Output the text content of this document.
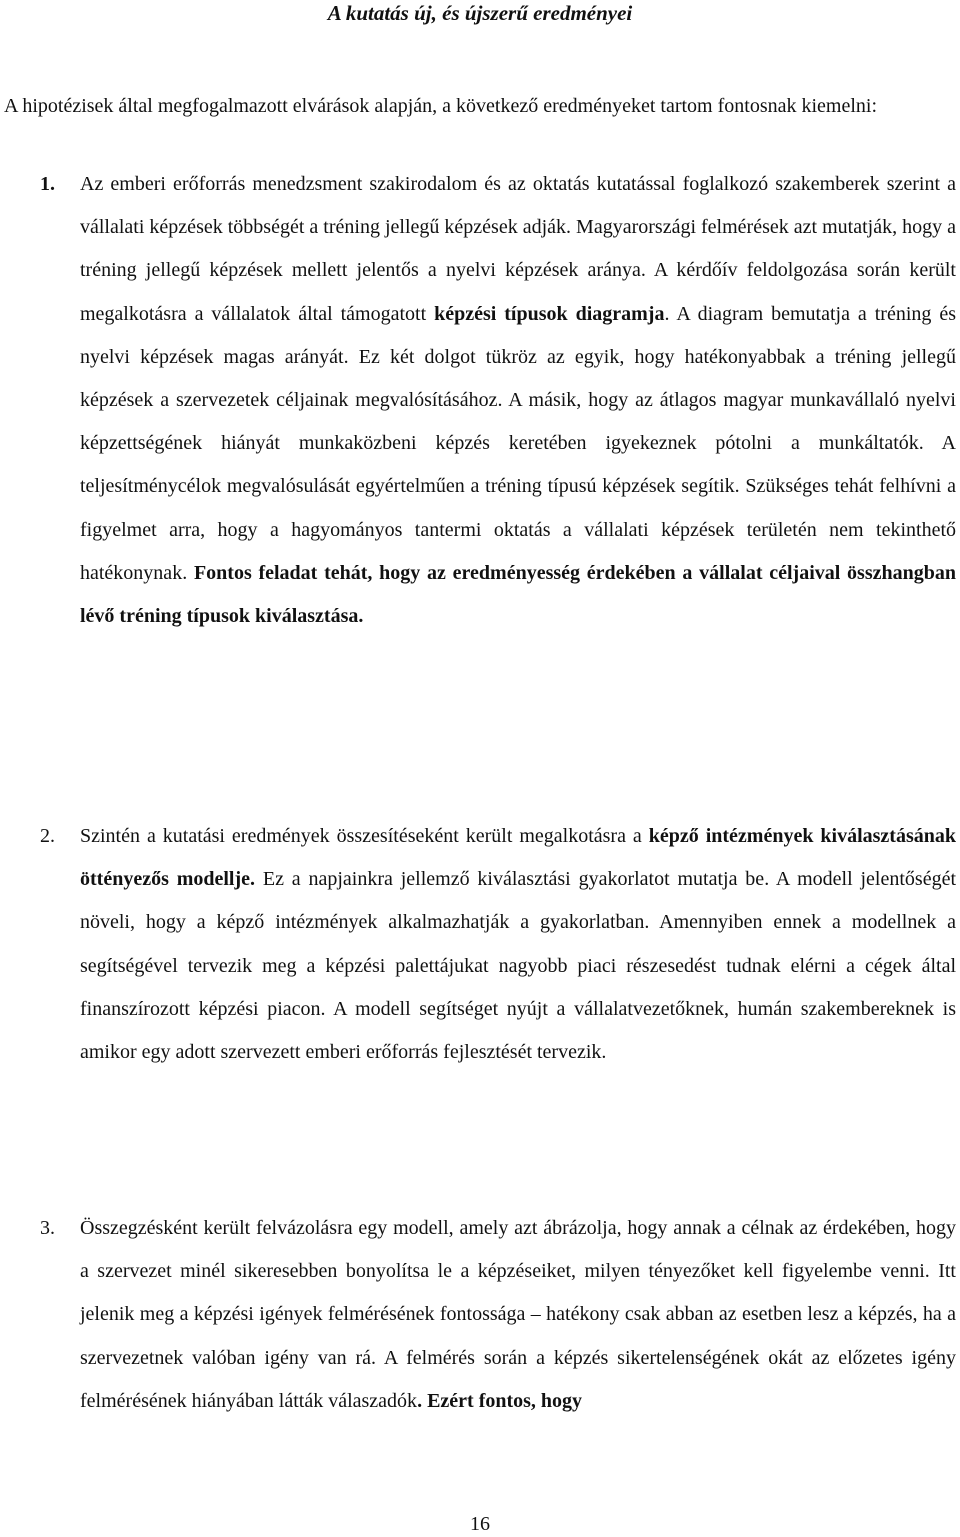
A kutatás új, és újszerű eredményei
A hipotézisek által megfogalmazott elvárások alapján, a következő eredményeket tartom fontosnak kiemelni:
1. Az emberi erőforrás menedzsment szakirodalom és az oktatás kutatással foglalkozó szakemberek szerint a vállalati képzések többségét a tréning jellegű képzések adják. Magyarországi felmérések azt mutatják, hogy a tréning jellegű képzések mellett jelentős a nyelvi képzések aránya. A kérdőív feldolgozása során került megalkotásra a vállalatok által támogatott képzési típusok diagramja. A diagram bemutatja a tréning és nyelvi képzések magas arányát. Ez két dolgot tükröz az egyik, hogy hatékonyabbak a tréning jellegű képzések a szervezetek céljainak megvalósításához. A másik, hogy az átlagos magyar munkavállaló nyelvi képzettségének hiányát munkaközbeni képzés keretében igyekeznek pótolni a munkáltatók. A teljesítménycélok megvalósulását egyértelműen a tréning típusú képzések segítik. Szükséges tehát felhívni a figyelmet arra, hogy a hagyományos tantermi oktatás a vállalati képzések területén nem tekinthető hatékonynak. Fontos feladat tehát, hogy az eredményesség érdekében a vállalat céljaival összhangban lévő tréning típusok kiválasztása.
2. Szintén a kutatási eredmények összesítéseként került megalkotásra a képző intézmények kiválasztásának öttényezős modellje. Ez a napjainkra jellemző kiválasztási gyakorlatot mutatja be. A modell jelentőségét növeli, hogy a képző intézmények alkalmazhatják a gyakorlatban. Amennyiben ennek a modellnek a segítségével tervezik meg a képzési palettájukat nagyobb piaci részesedést tudnak elérni a cégek által finanszírozott képzési piacon. A modell segítséget nyújt a vállalatvezetőknek, humán szakembereknek is amikor egy adott szervezett emberi erőforrás fejlesztését tervezik.
3. Összegzésként került felvázolásra egy modell, amely azt ábrázolja, hogy annak a célnak az érdekében, hogy a szervezet minél sikeresebben bonyolítsa le a képzéseiket, milyen tényezőket kell figyelembe venni. Itt jelenik meg a képzési igények felmérésének fontossága – hatékony csak abban az esetben lesz a képzés, ha a szervezetnek valóban igény van rá. A felmérés során a képzés sikertelenségének okát az előzetes igény felmérésének hiányában látták válaszadók. Ezért fontos, hogy
16
